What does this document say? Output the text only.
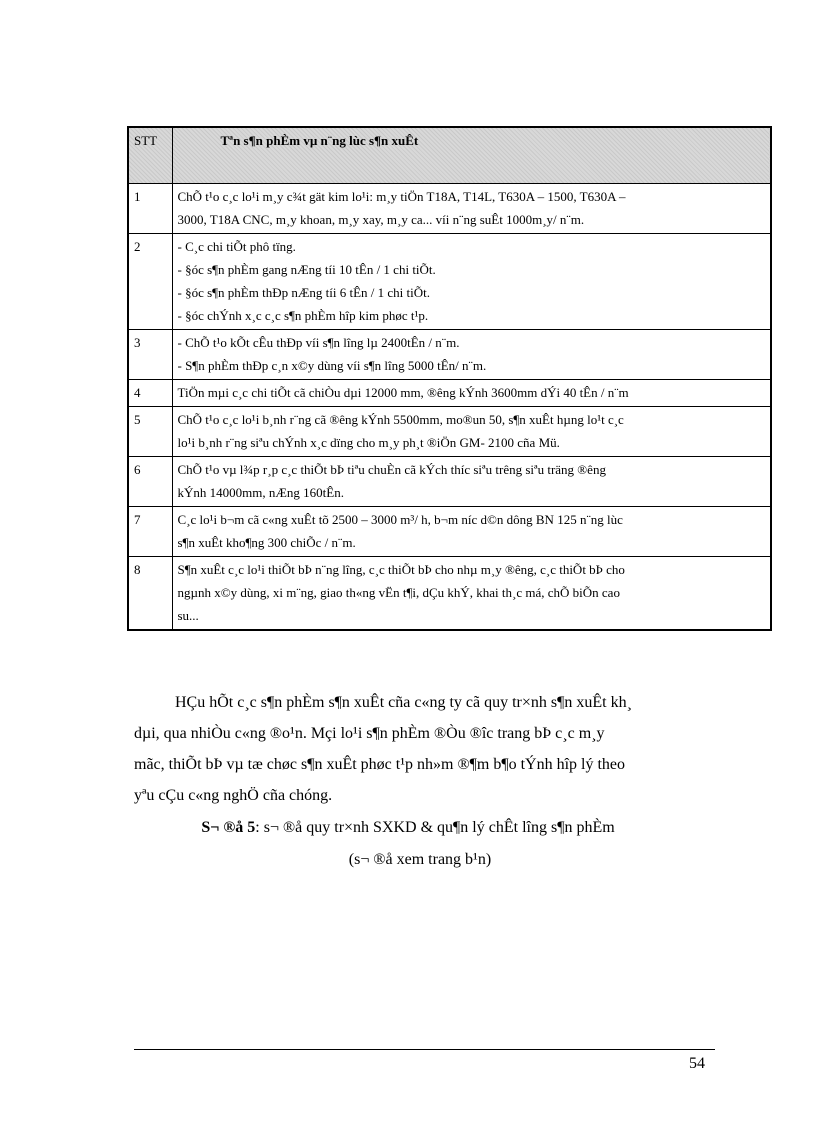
STT	Tªn s¶n phÈm vµ n¨ng lùc s¶n xuÊt
1	ChÕ t¹o c¸c lo¹i m¸y c¾t gät kim lo¹i: m¸y tiÖn T18A, T14L, T630A – 1500, T630A –
3000, T18A CNC, m¸y khoan, m¸y xay, m¸y ca... víi n¨ng suÊt 1000m¸y/ n¨m.

2	- C¸c chi tiÕt phô tïng.
- §óc s¶n phÈm gang nÆng tíi 10 tÊn / 1 chi tiÕt.
- §óc s¶n phÈm thÐp nÆng tíi 6 tÊn / 1 chi tiÕt.
- §óc chÝnh x¸c c¸c s¶n phÈm hîp kim phøc t¹p.

3	- ChÕ t¹o kÕt cÊu thÐp víi s¶n lîng lµ 2400tÊn / n¨m.
- S¶n phÈm thÐp c¸n x©y dùng víi s¶n lîng 5000 tÊn/ n¨m.

4	TiÖn mµi c¸c chi tiÕt cã chiÒu dµi 12000 mm, ®êng kÝnh 3600mm dÝi 40 tÊn / n¨m

5	ChÕ t¹o c¸c lo¹i b¸nh r¨ng cã ®êng kÝnh 5500mm, mo®un 50, s¶n xuÊt hµng lo¹t c¸c
lo¹i b¸nh r¨ng siªu chÝnh x¸c dïng cho m¸y ph¸t ®iÖn GM- 2100 cña Mü.

6	ChÕ t¹o vµ l¾p r¸p c¸c thiÕt bÞ tiªu chuÈn cã kÝch thíc siªu trêng siªu träng ®êng
kÝnh 14000mm, nÆng 160tÊn.

7	C¸c lo¹i b¬m cã c«ng xuÊt tõ 2500 – 3000 m³/ h, b¬m níc d©n dông BN 125 n¨ng lùc
s¶n xuÊt kho¶ng 300 chiÕc / n¨m.

8	S¶n xuÊt c¸c lo¹i thiÕt bÞ n¨ng lîng, c¸c thiÕt bÞ cho nhµ m¸y ®êng, c¸c thiÕt bÞ cho
ngµnh x©y dùng, xi m¨ng, giao th«ng vËn t¶i, dÇu khÝ, khai th¸c má, chÕ biÕn cao
su...
HÇu hÕt c¸c s¶n phÈm s¶n xuÊt cña c«ng ty cã quy tr×nh s¶n xuÊt kh¸
dµi, qua nhiÒu c«ng ®o¹n. Mçi lo¹i s¶n phÈm ®Òu ®îc trang bÞ c¸c m¸y
mãc, thiÕt bÞ vµ tæ chøc s¶n xuÊt phøc t¹p nh»m ®¶m b¶o tÝnh hîp lý theo
yªu cÇu c«ng nghÖ cña chóng.
S¬ ®å 5: s¬ ®å quy tr×nh SXKD & qu¶n lý chÊt lîng s¶n phÈm
(s¬ ®å xem trang b¹n)
54
